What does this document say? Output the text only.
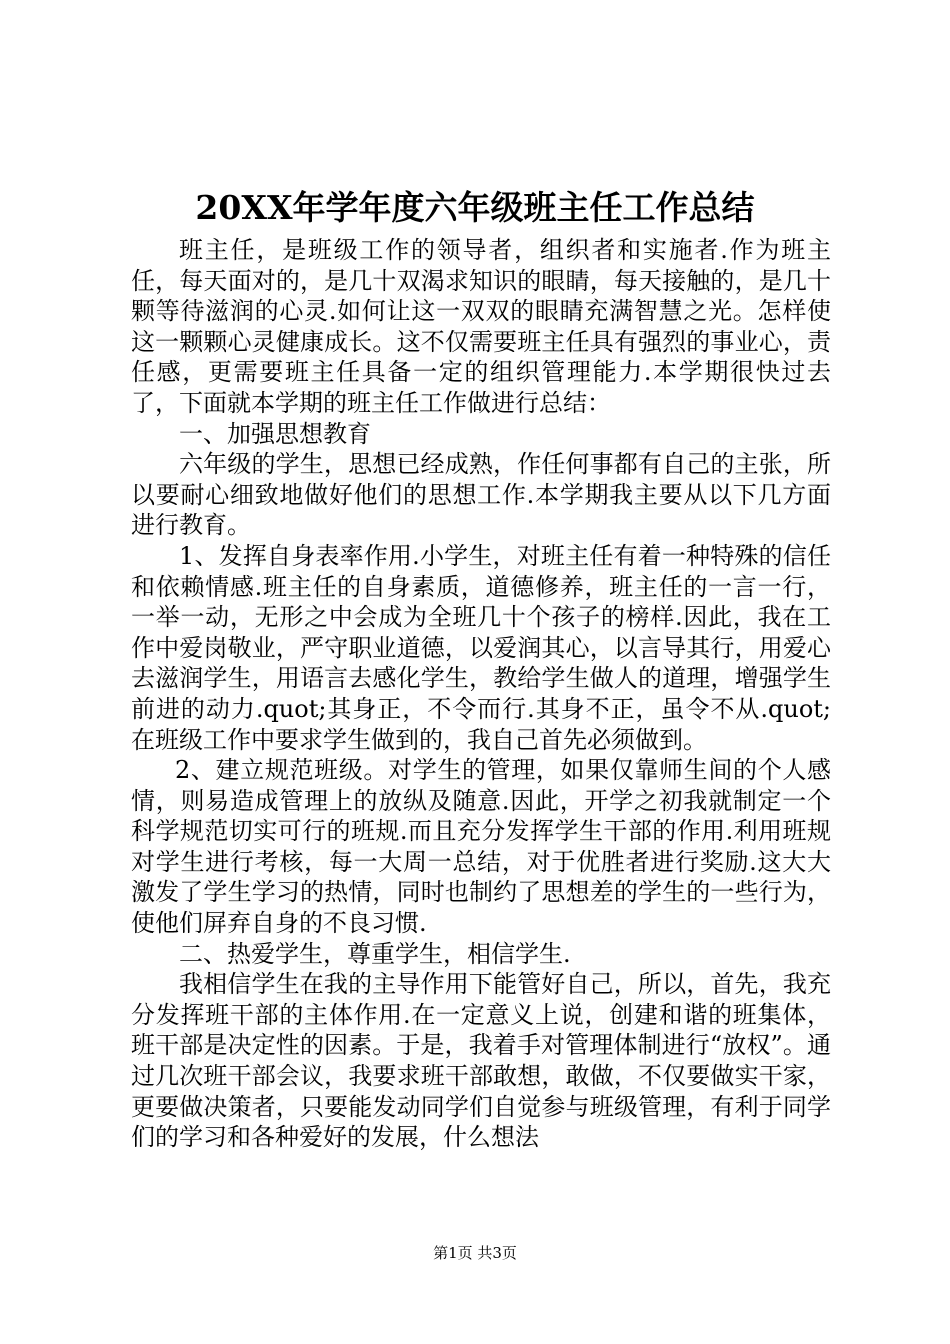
20XX年学年度六年级班主任工作总结

班主任，是班级工作的领导者，组织者和实施者.作为班主任，每天面对的，是几十双渴求知识的眼睛，每天接触的，是几十颗等待滋润的心灵.如何让这一双双的眼睛充满智慧之光。怎样使这一颗颗心灵健康成长。这不仅需要班主任具有强烈的事业心，责任感，更需要班主任具备一定的组织管理能力.本学期很快过去了，下面就本学期的班主任工作做进行总结：

一、加强思想教育

六年级的学生，思想已经成熟，作任何事都有自己的主张，所以要耐心细致地做好他们的思想工作.本学期我主要从以下几方面进行教育。

1、发挥自身表率作用.小学生，对班主任有着一种特殊的信任和依赖情感.班主任的自身素质，道德修养，班主任的一言一行，一举一动，无形之中会成为全班几十个孩子的榜样.因此，我在工作中爱岗敬业，严守职业道德，以爱润其心，以言导其行，用爱心去滋润学生，用语言去感化学生，教给学生做人的道理，增强学生前进的动力.quot;其身正，不令而行.其身不正，虽令不从.quot;在班级工作中要求学生做到的，我自己首先必须做到。

2、建立规范班级。对学生的管理，如果仅靠师生间的个人感情，则易造成管理上的放纵及随意.因此，开学之初我就制定一个科学规范切实可行的班规.而且充分发挥学生干部的作用.利用班规对学生进行考核，每一大周一总结，对于优胜者进行奖励.这大大激发了学生学习的热情，同时也制约了思想差的学生的一些行为，使他们屏弃自身的不良习惯.

二、热爱学生，尊重学生，相信学生.

我相信学生在我的主导作用下能管好自己，所以，首先，我充分发挥班干部的主体作用.在一定意义上说，创建和谐的班集体，班干部是决定性的因素。于是，我着手对管理体制进行“放权”。通过几次班干部会议，我要求班干部敢想，敢做，不仅要做实干家，更要做决策者，只要能发动同学们自觉参与班级管理，有利于同学们的学习和各种爱好的发展，什么想法

第1页 共3页
